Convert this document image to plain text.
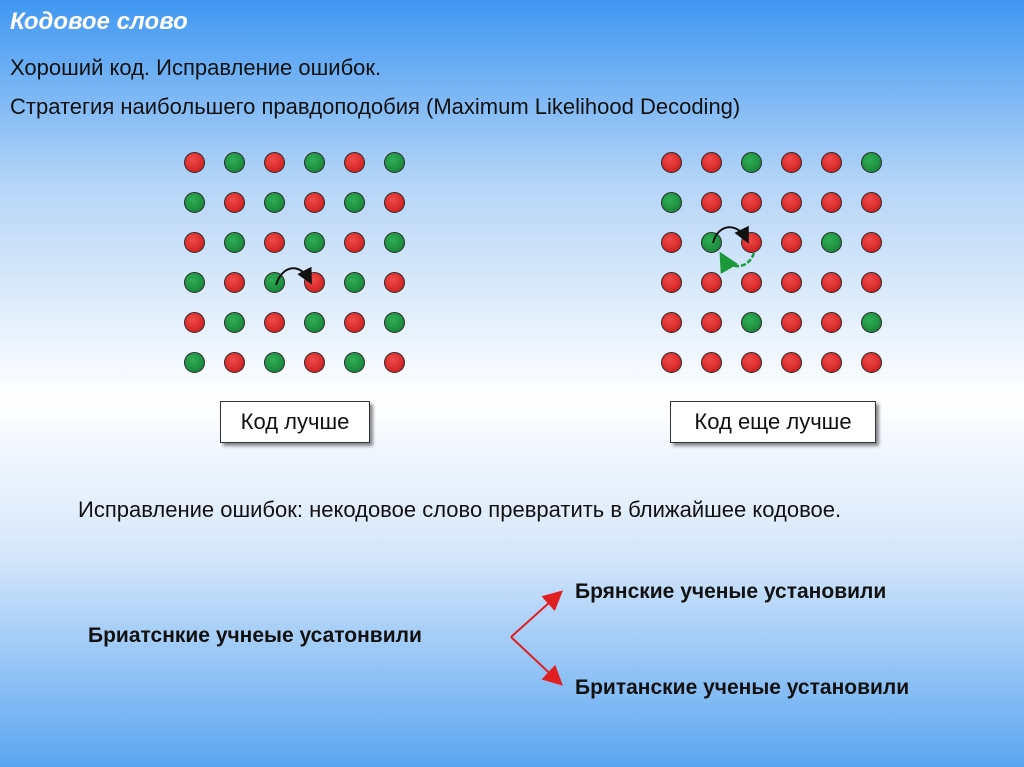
Кодовое слово

Хороший код. Исправление ошибок.

Стратегия наибольшего правдоподобия (Maximum Likelihood Decoding)

Код лучше	Код еще лучше

Исправление ошибок: некодовое слово превратить в ближайшее кодовое.

Бриатснкие учнеые усатонвили

Брянские ученые установили

Британские ученые установили
